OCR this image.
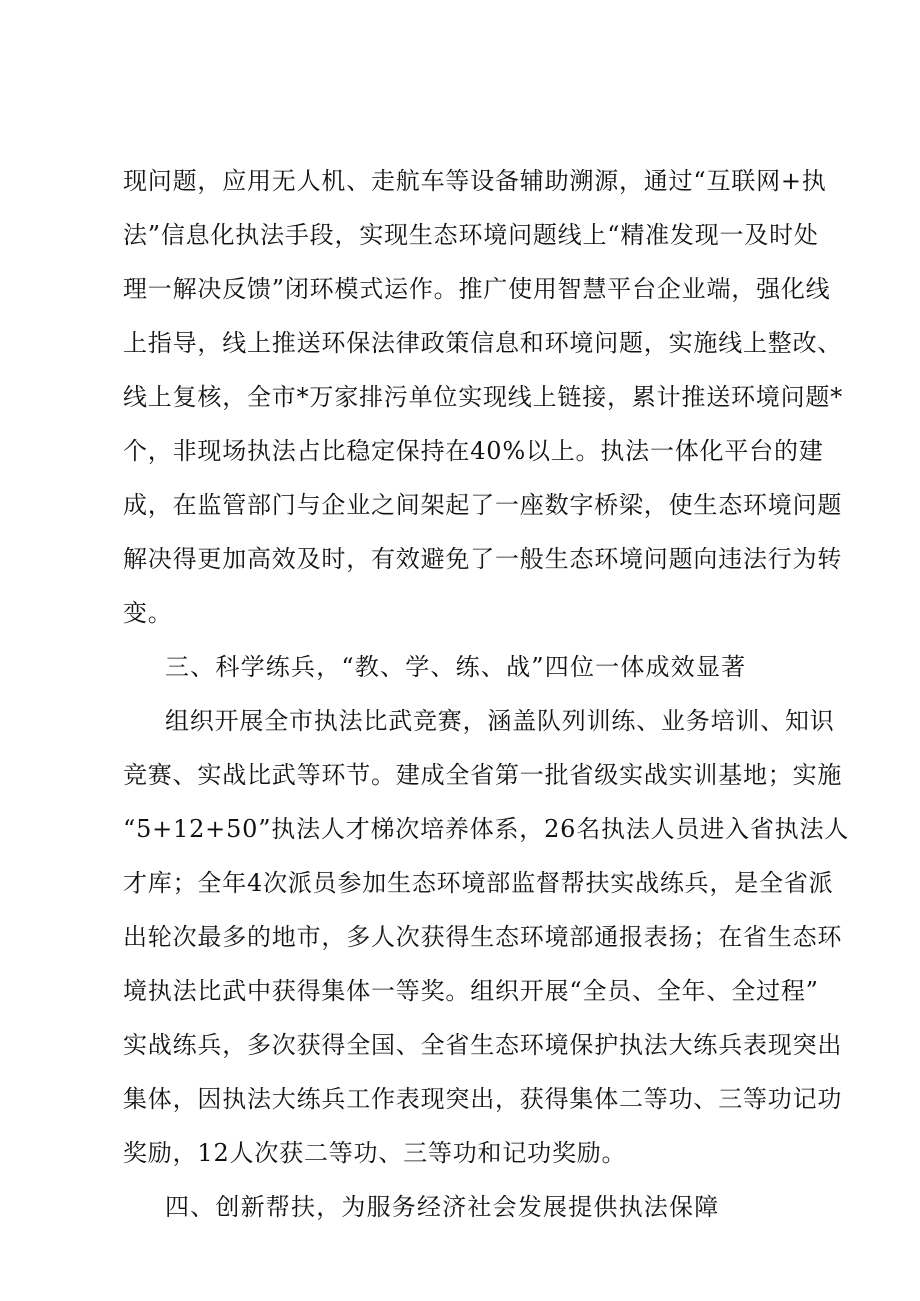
现问题，应用无人机、走航车等设备辅助溯源，通过“互联网+执
法”信息化执法手段，实现生态环境问题线上“精准发现一及时处
理一解决反馈”闭环模式运作。推广使用智慧平台企业端，强化线
上指导，线上推送环保法律政策信息和环境问题，实施线上整改、
线上复核，全市*万家排污单位实现线上链接，累计推送环境问题*
个，非现场执法占比稳定保持在40%以上。执法一体化平台的建
成，在监管部门与企业之间架起了一座数字桥梁，使生态环境问题
解决得更加高效及时，有效避免了一般生态环境问题向违法行为转
变。
三、科学练兵，“教、学、练、战”四位一体成效显著
组织开展全市执法比武竞赛，涵盖队列训练、业务培训、知识
竞赛、实战比武等环节。建成全省第一批省级实战实训基地；实施
“5+12+50”执法人才梯次培养体系，26名执法人员进入省执法人
才库；全年4次派员参加生态环境部监督帮扶实战练兵，是全省派
出轮次最多的地市，多人次获得生态环境部通报表扬；在省生态环
境执法比武中获得集体一等奖。组织开展“全员、全年、全过程”
实战练兵，多次获得全国、全省生态环境保护执法大练兵表现突出
集体，因执法大练兵工作表现突出，获得集体二等功、三等功记功
奖励，12人次获二等功、三等功和记功奖励。
四、创新帮扶，为服务经济社会发展提供执法保障
